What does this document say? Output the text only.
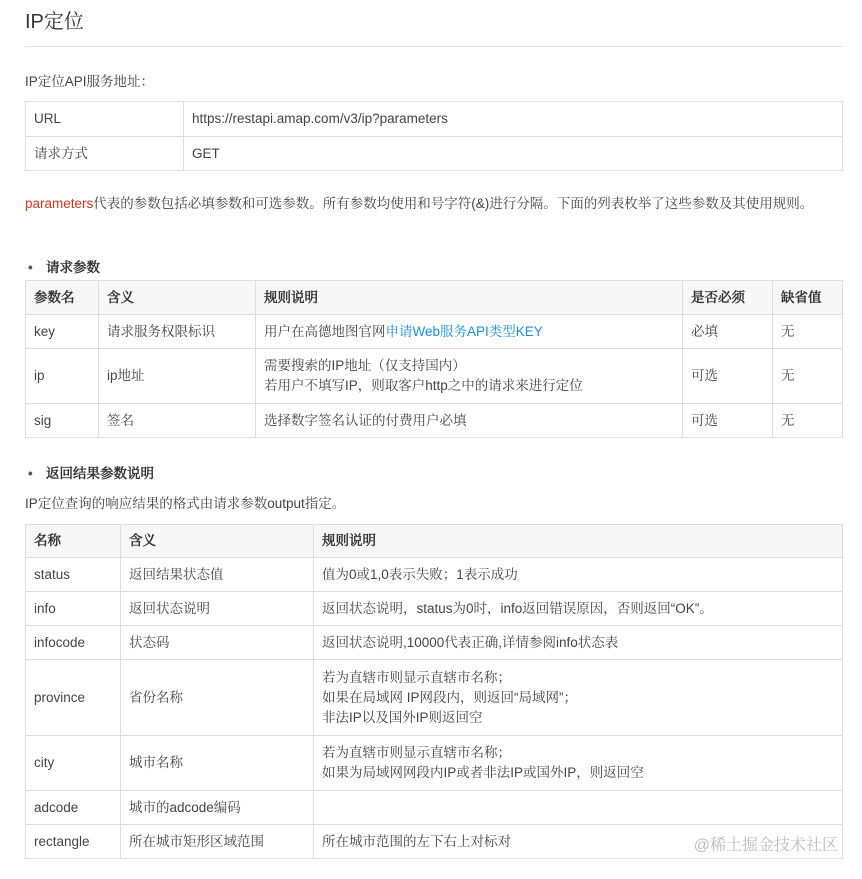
IP定位
IP定位API服务地址：
URL	https://restapi.amap.com/v3/ip?parameters
请求方式	GET
parameters代表的参数包括必填参数和可选参数。所有参数均使用和号字符(&)进行分隔。下面的列表枚举了这些参数及其使用规则。
• 请求参数
参数名	含义	规则说明	是否必须	缺省值
key	请求服务权限标识	用户在高德地图官网申请Web服务API类型KEY	必填	无
ip	ip地址	需要搜索的IP地址（仅支持国内）
若用户不填写IP，则取客户http之中的请求来进行定位	可选	无
sig	签名	选择数字签名认证的付费用户必填	可选	无
• 返回结果参数说明
IP定位查询的响应结果的格式由请求参数output指定。
名称	含义	规则说明
status	返回结果状态值	值为0或1,0表示失败；1表示成功

info	返回状态说明	返回状态说明，status为0时，info返回错误原因，否则返回“OK”。

infocode	状态码	返回状态说明,10000代表正确,详情参阅info状态表

province	省份名称	若为直辖市则显示直辖市名称；
如果在局域网 IP网段内，则返回“局域网”；
非法IP以及国外IP则返回空

city	城市名称	若为直辖市则显示直辖市名称；
如果为局域网网段内IP或者非法IP或国外IP，则返回空

adcode	城市的adcode编码	
rectangle	所在城市矩形区域范围	所在城市范围的左下右上对标对	@稀土掘金技术社区
